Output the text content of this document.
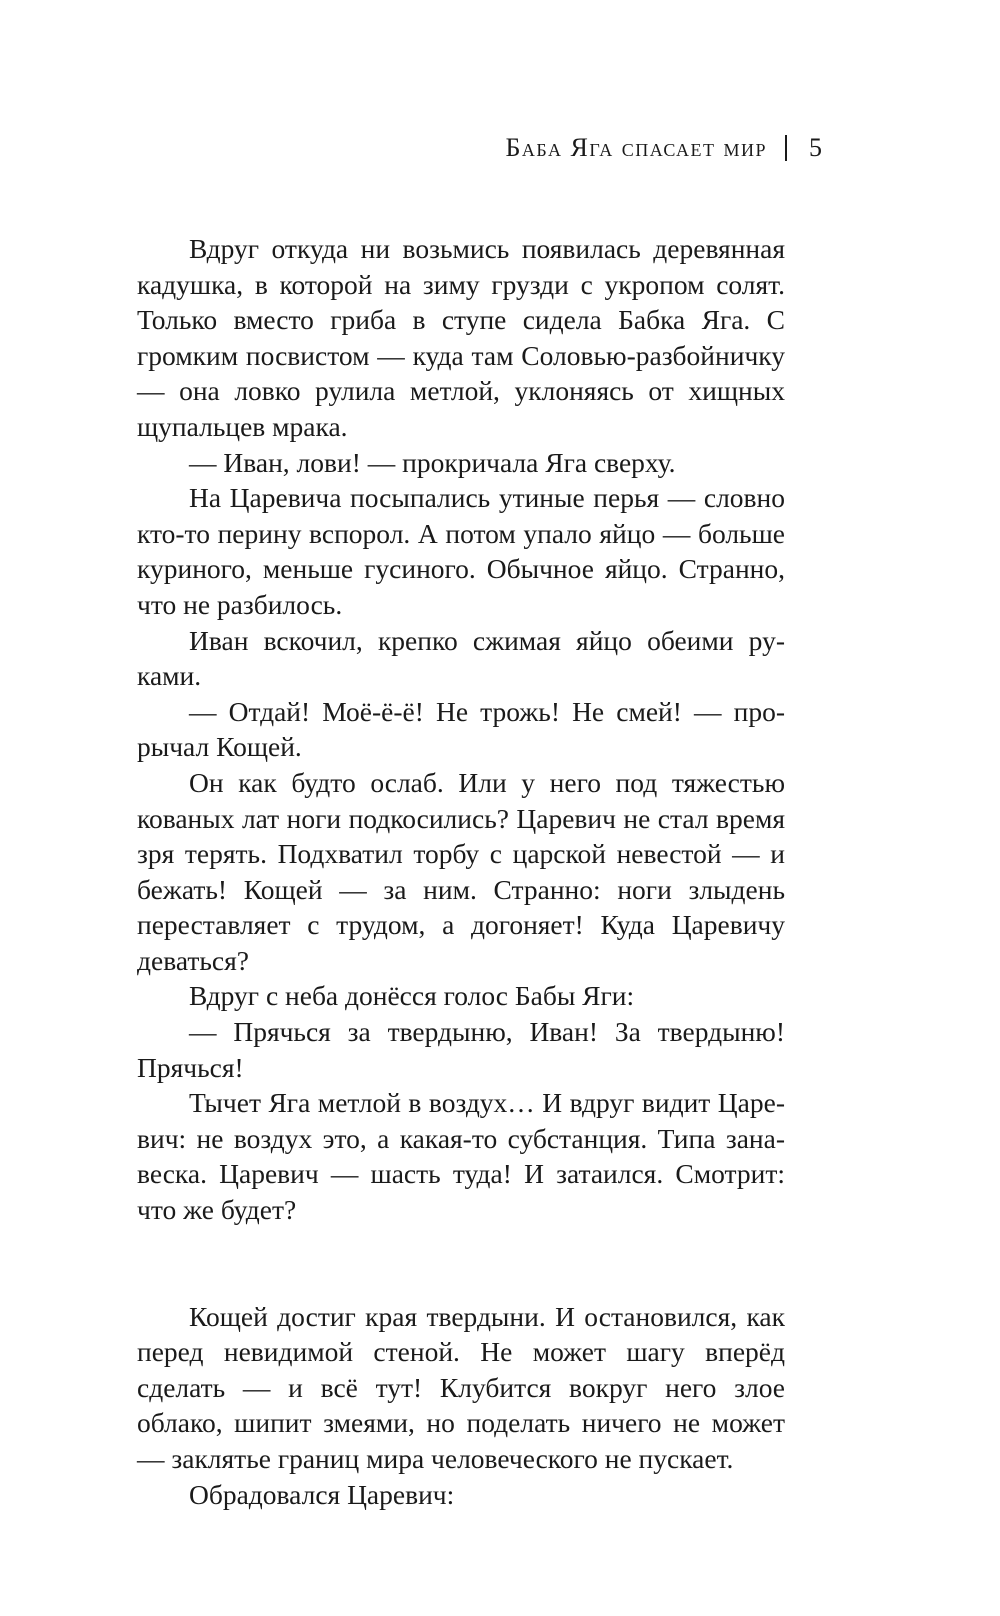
Баба Яга спасает мир 5

Вдруг откуда ни возьмись появилась деревянная кадушка, в которой на зиму грузди с укропом солят. Только вместо гриба в ступе сидела Бабка Яга. С громким посвистом — куда там Соловью-разбойничку — она ловко рулила метлой, уклоняясь от хищных щупальцев мрака.

— Иван, лови! — прокричала Яга сверху.

На Царевича посыпались утиные перья — словно кто-то перину вспорол. А потом упало яйцо — больше куриного, меньше гусиного. Обычное яйцо. Странно, что не разбилось.

Иван вскочил, крепко сжимая яйцо обеими руками.

— Отдай! Моё-ё-ё! Не трожь! Не смей! — прорычал Кощей.

Он как будто ослаб. Или у него под тяжестью кованых лат ноги подкосились? Царевич не стал время зря терять. Подхватил торбу с царской невестой — и бежать! Кощей — за ним. Странно: ноги злыдень переставляет с трудом, а догоняет! Куда Царевичу деваться?

Вдруг с неба донёсся голос Бабы Яги:

— Прячься за твердыню, Иван! За твердыню! Прячься!

Тычет Яга метлой в воздух… И вдруг видит Царевич: не воздух это, а какая-то субстанция. Типа занавеска. Царевич — шасть туда! И затаился. Смотрит: что же будет?

Кощей достиг края твердыни. И остановился, как перед невидимой стеной. Не может шагу вперёд сделать — и всё тут! Клубится вокруг него злое облако, шипит змеями, но поделать ничего не может — заклятье границ мира человеческого не пускает.

Обрадовался Царевич:
